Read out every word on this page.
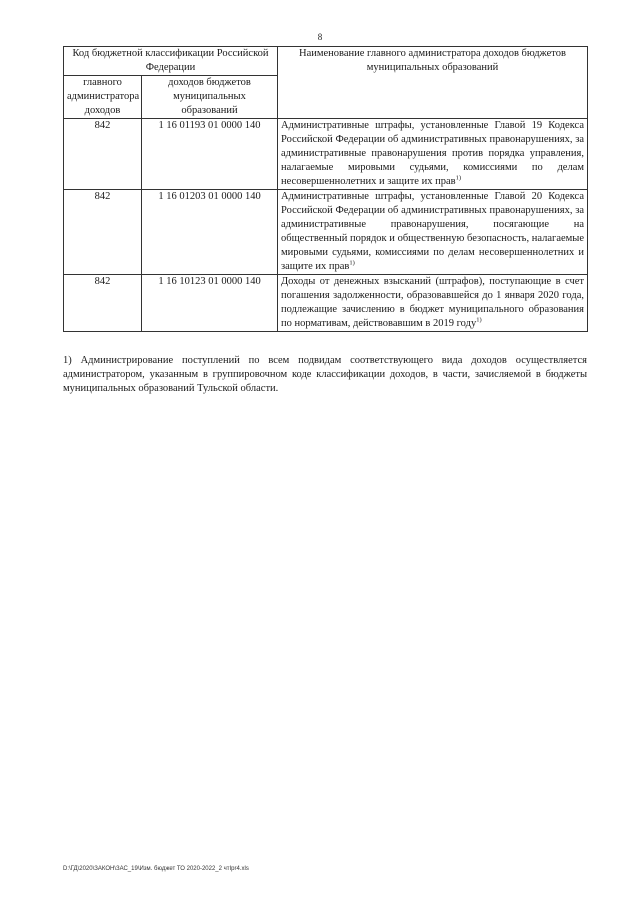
8
Код бюджетной классификации Российской Федерации		Наименование главного администратора доходов бюджетов муниципальных образований
главного администратора доходов	доходов бюджетов муниципальных образований	
842	1 16 01193 01 0000 140	Административные штрафы, установленные Главой 19 Кодекса Российской Федерации об административных правонарушениях, за административные правонарушения против порядка управления, налагаемые мировыми судьями, комиссиями по делам несовершеннолетних и защите их прав$^{1)}$
842	1 16 01203 01 0000 140	Административные штрафы, установленные Главой 20 Кодекса Российской Федерации об административных правонарушениях, за административные правонарушения, посягающие на общественный порядок и общественную безопасность, налагаемые мировыми судьями, комиссиями по делам несовершеннолетних и защите их прав$^{1)}$
842	1 16 10123 01 0000 140	Доходы от денежных взысканий (штрафов), поступающие в счет погашения задолженности, образовавшейся до 1 января 2020 года, подлежащие зачислению в бюджет муниципального образования по нормативам, действовавшим в 2019 году$^{1)}$
1) Администрирование поступлений по всем подвидам соответствующего вида доходов осуществляется администратором, указанным в группировочном коде классификации доходов, в части, зачисляемой в бюджеты муниципальных образований Тульской области.
D:\ГД\2020\ЗАКОН\ЗАС_19\Изм. бюджет ТО 2020-2022_2 чтIpr4.xls
